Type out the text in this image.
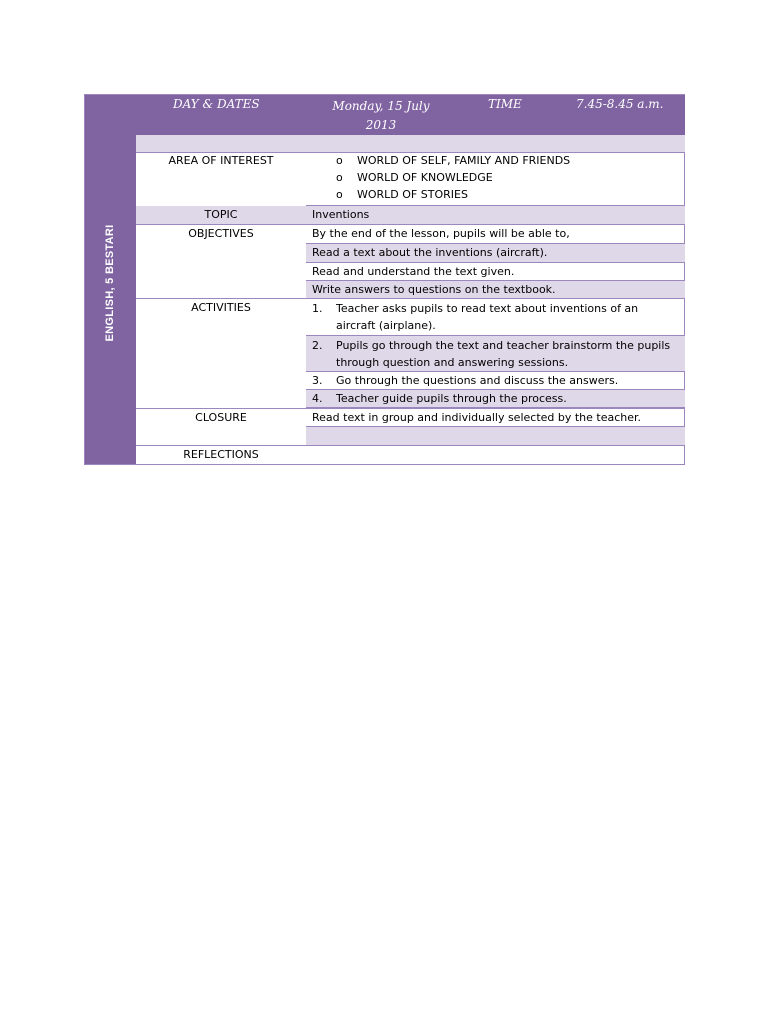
ENGLISH, 5 BESTARI
DAY & DATES	Monday, 15 July 2013
TIME	7.45-8.45 a.m.
AREA OF INTEREST	o WORLD OF SELF, FAMILY AND FRIENDS
o WORLD OF KNOWLEDGE
o WORLD OF STORIES
TOPIC	Inventions
OBJECTIVES	By the end of the lesson, pupils will be able to,
Read a text about the inventions (aircraft).
Read and understand the text given.
Write answers to questions on the textbook.
ACTIVITIES	1. Teacher asks pupils to read text about inventions of an aircraft (airplane).
2. Pupils go through the text and teacher brainstorm the pupils through question and answering sessions.
3. Go through the questions and discuss the answers.
4. Teacher guide pupils through the process.
CLOSURE	Read text in group and individually selected by the teacher.
REFLECTIONS
